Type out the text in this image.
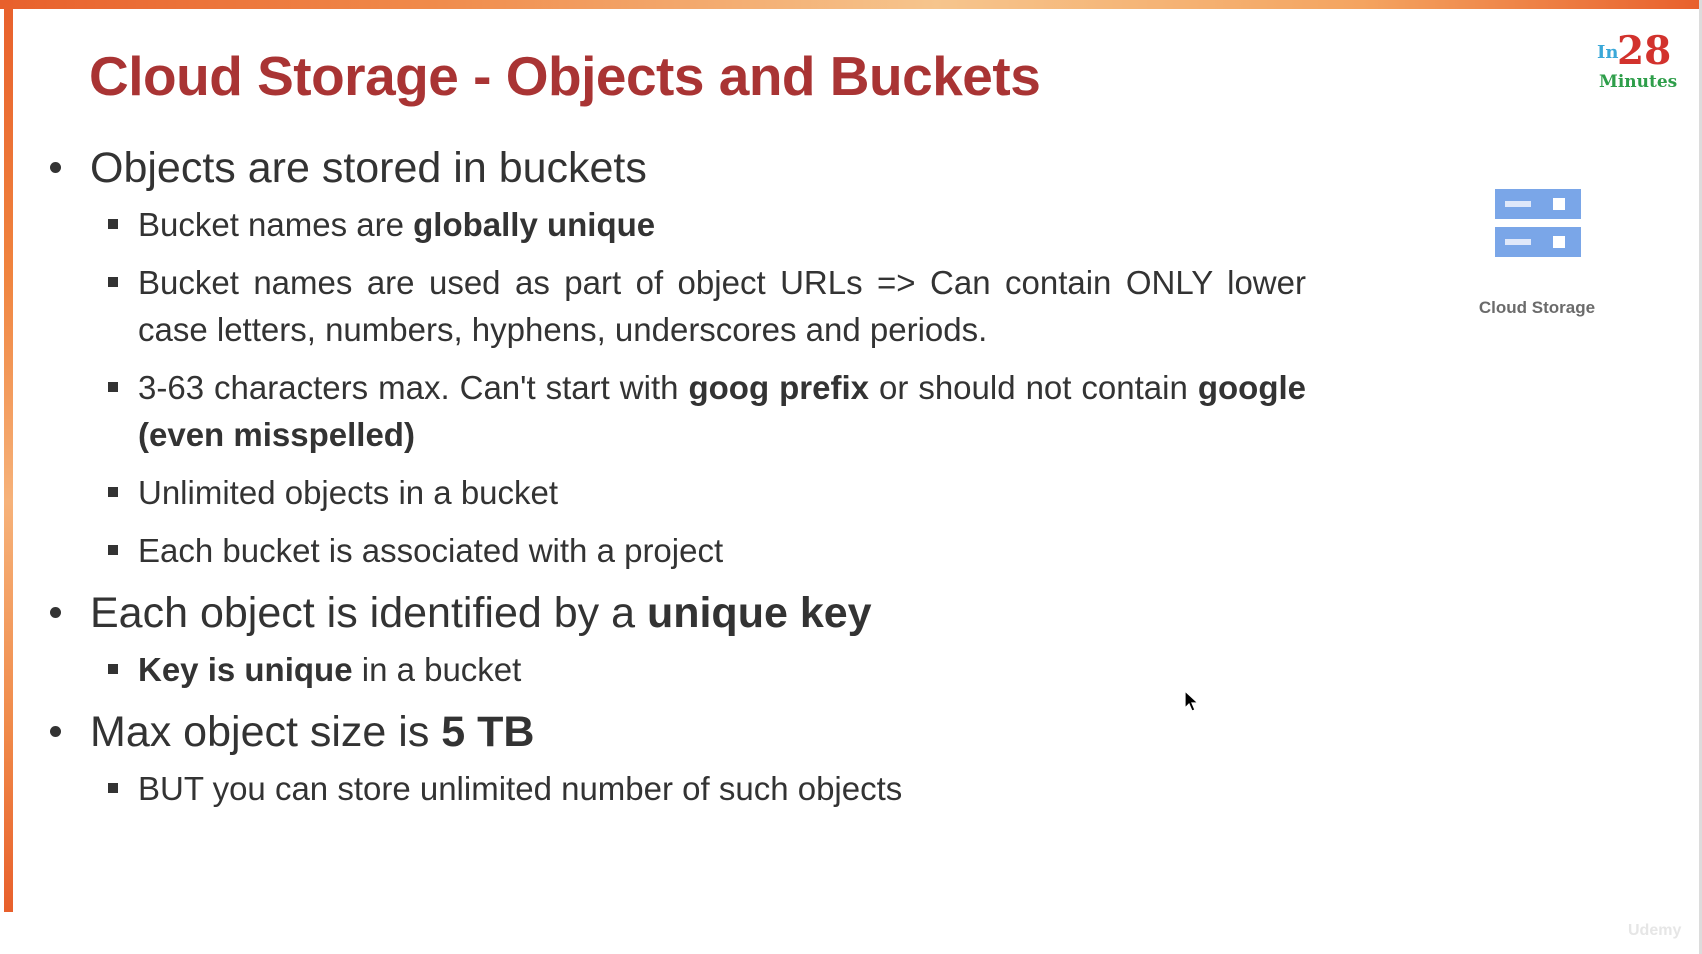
Cloud Storage - Objects and Buckets	In
28
Minutes
Objects are stored in buckets
Bucket names are globally unique
Bucket names are used as part of object URLs => Can contain ONLY lower case letters, numbers, hyphens, underscores and periods.
3-63 characters max. Can't start with goog prefix or should not contain google (even misspelled)
Unlimited objects in a bucket
Each bucket is associated with a project
Each object is identified by a unique key
Key is unique in a bucket
Max object size is 5 TB
BUT you can store unlimited number of such objects
Cloud Storage
Udemy
